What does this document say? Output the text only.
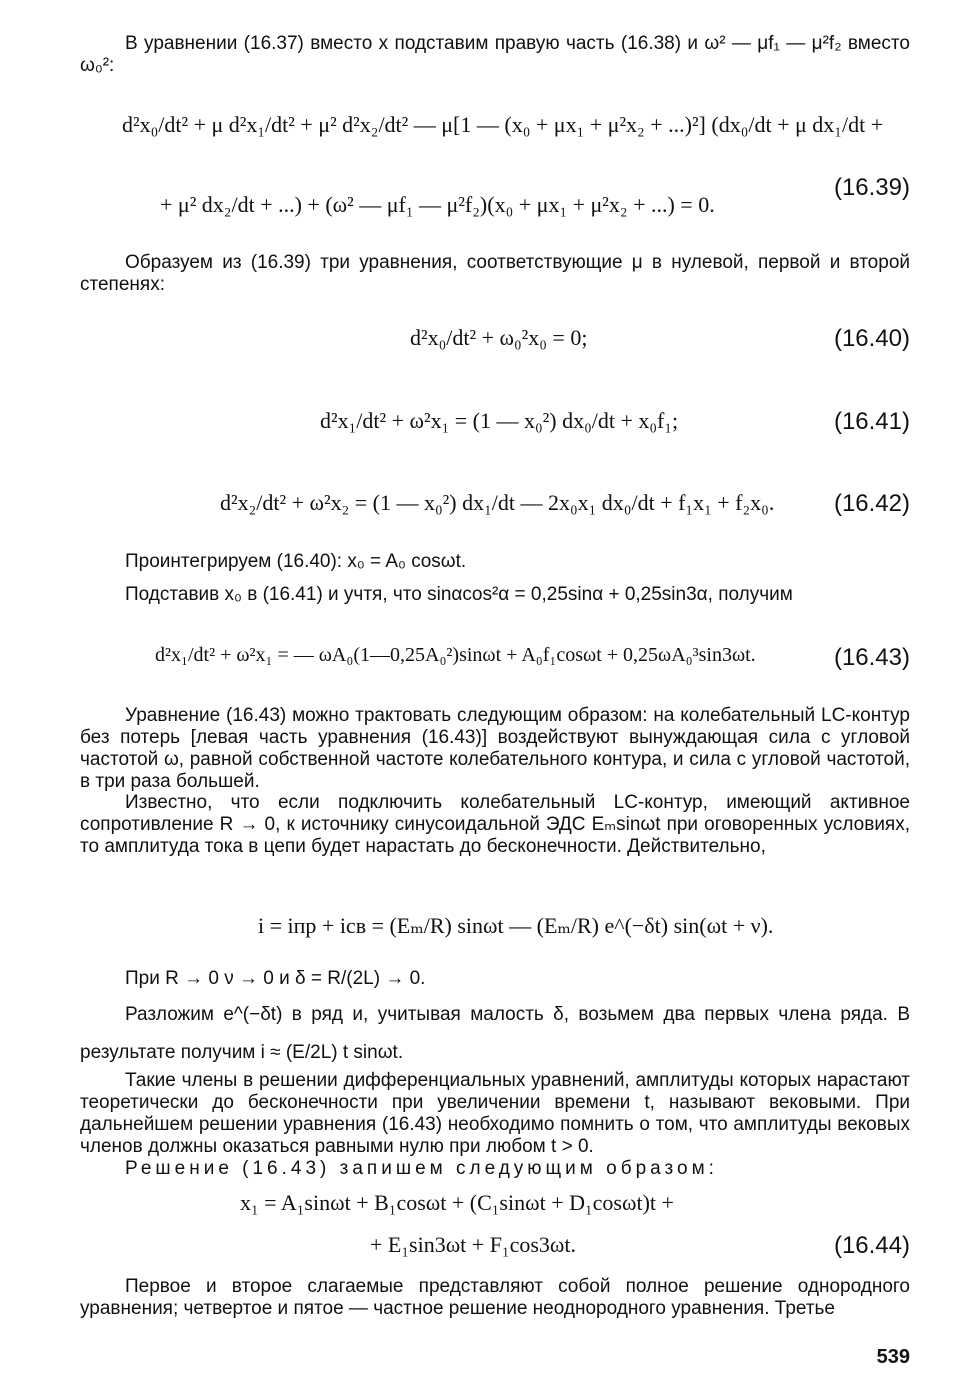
В уравнении (16.37) вместо x подставим правую часть (16.38) и ω² — μf₁ — μ²f₂ вместо ω₀²:
d²x₀/dt² + μ d²x₁/dt² + μ² d²x₂/dt² — μ[1 — (x₀ + μx₁ + μ²x₂ + ...)²] (dx₀/dt + μ dx₁/dt +
+ μ² dx₂/dt + ...) + (ω² — μf₁ — μ²f₂)(x₀ + μx₁ + μ²x₂ + ...) = 0.
(16.39)
Образуем из (16.39) три уравнения, соответствующие μ в нулевой, первой и второй степенях:
d²x₀/dt² + ω₀²x₀ = 0;	(16.40)
d²x₁/dt² + ω²x₁ = (1 — x₀²) dx₀/dt + x₀f₁;	(16.41)
d²x₂/dt² + ω²x₂ = (1 — x₀²) dx₁/dt — 2x₀x₁ dx₀/dt + f₁x₁ + f₂x₀. (16.42)
Проинтегрируем (16.40): x₀ = A₀ cosωt.
Подставив x₀ в (16.41) и учтя, что sinαcos²α = 0,25sinα + 0,25sin3α, получим
d²x₁/dt² + ω²x₁ = — ωA₀(1—0,25A₀²)sinωt + A₀f₁cosωt + 0,25ωA₀³sin3ωt.	(16.43)
Уравнение (16.43) можно трактовать следующим образом: на колебательный LC-контур без потерь [левая часть уравнения (16.43)] воздействуют вынуждающая сила с угловой частотой ω, равной собственной частоте колебательного контура, и сила с угловой частотой, в три раза большей.
Известно, что если подключить колебательный LC-контур, имеющий активное сопротивление R → 0, к источнику синусоидальной ЭДС Eₘsinωt при оговоренных условиях, то амплитуда тока в цепи будет нарастать до бесконечности. Действительно,
i = iпр + iсв = (Eₘ/R) sinωt — (Eₘ/R) e^(−δt) sin(ωt + ν).
При R → 0 ν → 0 и δ = R/(2L) → 0.
Разложим e^(−δt) в ряд и, учитывая малость δ, возьмем два первых члена ряда. В результате получим i ≈ (E/2L) t sinωt.
Такие члены в решении дифференциальных уравнений, амплитуды которых нарастают теоретически до бесконечности при увеличении времени t, называют вековыми. При дальнейшем решении уравнения (16.43) необходимо помнить о том, что амплитуды вековых членов должны оказаться равными нулю при любом t > 0.
Решение (16.43) запишем следующим образом:
x₁ = A₁sinωt + B₁cosωt + (C₁sinωt + D₁cosωt)t +
+ E₁sin3ωt + F₁cos3ωt.	(16.44)
Первое и второе слагаемые представляют собой полное решение однородного уравнения; четвертое и пятое — частное решение неоднородного уравнения. Третье
539
